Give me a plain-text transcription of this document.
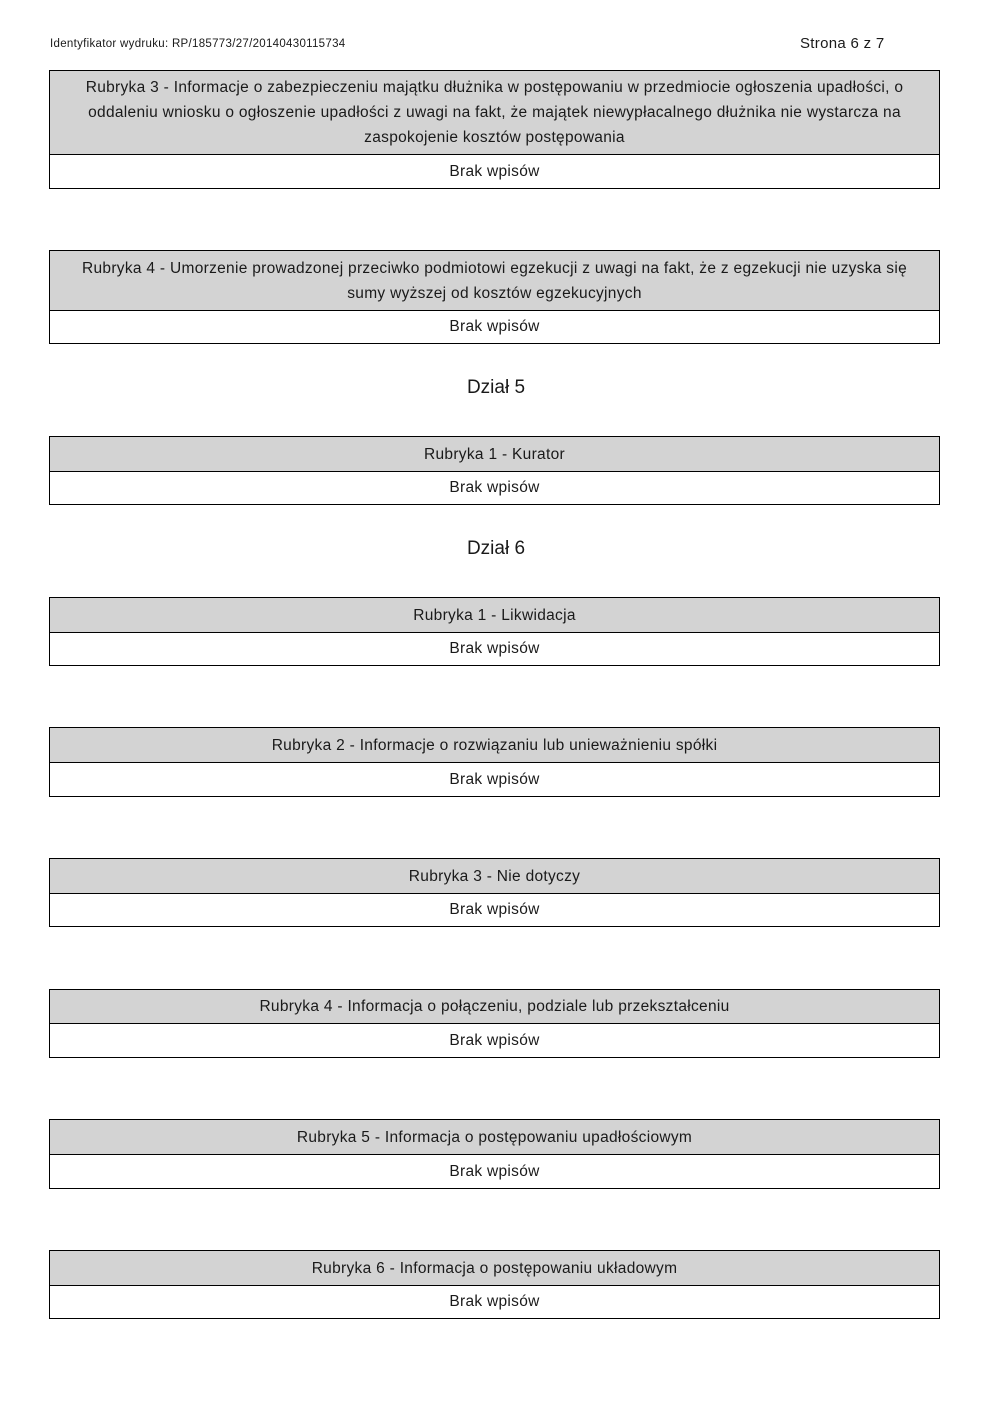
Identyfikator wydruku: RP/185773/27/20140430115734	Strona 6 z 7
Rubryka 3 - Informacje o zabezpieczeniu majątku dłużnika w postępowaniu w przedmiocie ogłoszenia upadłości, o oddaleniu wniosku o ogłoszenie upadłości z uwagi na fakt, że majątek niewypłacalnego dłużnika nie wystarcza na zaspokojenie kosztów postępowania
Brak wpisów
Rubryka 4 - Umorzenie prowadzonej przeciwko podmiotowi egzekucji z uwagi na fakt, że z egzekucji nie uzyska się sumy wyższej od kosztów egzekucyjnych
Brak wpisów
Dział 5
Rubryka 1 - Kurator
Brak wpisów
Dział 6
Rubryka 1 - Likwidacja
Brak wpisów
Rubryka 2 - Informacje o rozwiązaniu lub unieważnieniu spółki
Brak wpisów
Rubryka 3 - Nie dotyczy
Brak wpisów
Rubryka 4 - Informacja o połączeniu, podziale lub przekształceniu
Brak wpisów
Rubryka 5 - Informacja o postępowaniu upadłościowym
Brak wpisów
Rubryka 6 - Informacja o postępowaniu układowym
Brak wpisów
